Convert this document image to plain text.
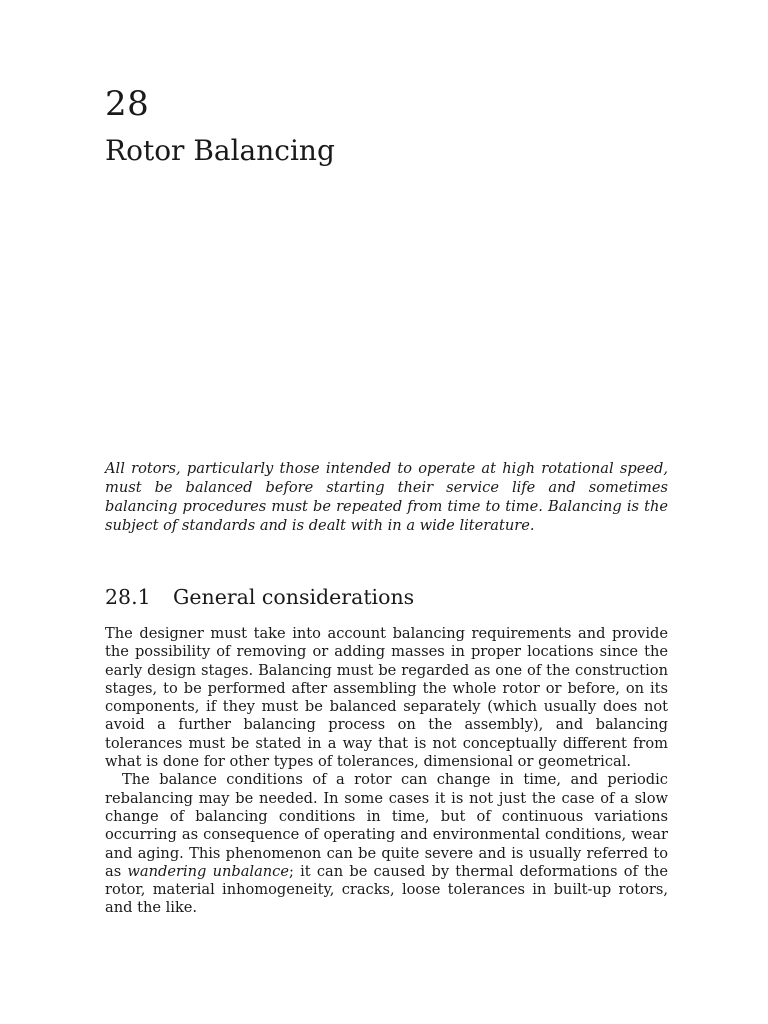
28
Rotor Balancing

All rotors, particularly those intended to operate at high rotational speed, must be balanced before starting their service life and sometimes balancing procedures must be repeated from time to time. Balancing is the subject of standards and is dealt with in a wide literature.

28.1 General considerations

The designer must take into account balancing requirements and provide the possibility of removing or adding masses in proper locations since the early design stages. Balancing must be regarded as one of the construction stages, to be performed after assembling the whole rotor or before, on its components, if they must be balanced separately (which usually does not avoid a further balancing process on the assembly), and balancing tolerances must be stated in a way that is not conceptually different from what is done for other types of tolerances, dimensional or geometrical.

The balance conditions of a rotor can change in time, and periodic rebalancing may be needed. In some cases it is not just the case of a slow change of balancing conditions in time, but of continuous variations occurring as consequence of operating and environmental conditions, wear and aging. This phenomenon can be quite severe and is usually referred to as wandering unbalance; it can be caused by thermal deformations of the rotor, material inhomogeneity, cracks, loose tolerances in built-up rotors, and the like.
